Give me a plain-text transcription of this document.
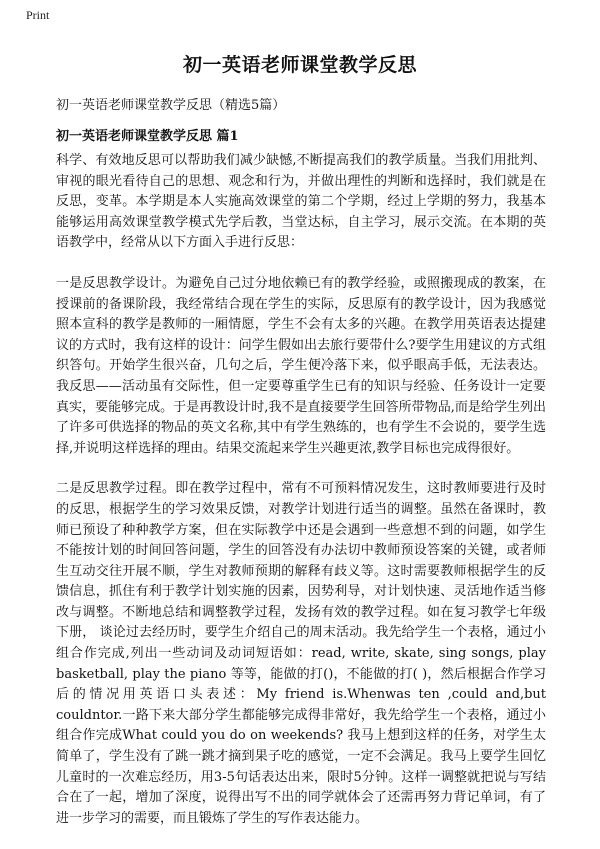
Print
初一英语老师课堂教学反思

初一英语老师课堂教学反思（精选5篇）

初一英语老师课堂教学反思 篇1

科学、有效地反思可以帮助我们减少缺憾,不断提高我们的教学质量。当我们用批判、审视的眼光看待自己的思想、观念和行为，并做出理性的判断和选择时，我们就是在反思，变革。本学期是本人实施高效课堂的第二个学期，经过上学期的努力，我基本能够运用高效课堂教学模式先学后教，当堂达标，自主学习，展示交流。在本期的英语教学中，经常从以下方面入手进行反思：

一是反思教学设计。为避免自己过分地依赖已有的教学经验，或照搬现成的教案，在授课前的备课阶段，我经常结合现在学生的实际，反思原有的教学设计，因为我感觉照本宣科的教学是教师的一厢情愿，学生不会有太多的兴趣。在教学用英语表达提建议的方式时，我有这样的设计：问学生假如出去旅行要带什么?要学生用建议的方式组织答句。开始学生很兴奋，几句之后，学生便冷落下来，似乎眼高手低，无法表达。我反思——活动虽有交际性，但一定要尊重学生已有的知识与经验、任务设计一定要真实，要能够完成。于是再教设计时,我不是直接要学生回答所带物品,而是给学生列出了许多可供选择的物品的英文名称,其中有学生熟练的，也有学生不会说的，要学生选择,并说明这样选择的理由。结果交流起来学生兴趣更浓,教学目标也完成得很好。

二是反思教学过程。即在教学过程中，常有不可预料情况发生，这时教师要进行及时的反思，根据学生的学习效果反馈，对教学计划进行适当的调整。虽然在备课时，教师已预设了种种教学方案，但在实际教学中还是会遇到一些意想不到的问题，如学生不能按计划的时间回答问题，学生的回答没有办法切中教师预设答案的关键，或者师生互动交往开展不顺，学生对教师预期的解释有歧义等。这时需要教师根据学生的反馈信息，抓住有利于教学计划实施的因素，因势利导，对计划快速、灵活地作适当修改与调整。不断地总结和调整教学过程，发扬有效的教学过程。如在复习教学七年级下册， 谈论过去经历时，要学生介绍自己的周末活动。我先给学生一个表格，通过小组合作完成,列出一些动词及动词短语如：read, write, skate, sing songs, play basketball, play the piano 等等，能做的打()，不能做的打( )，然后根据合作学习后的情况用英语口头表述：My friend is.Whenwas ten ,could and,but couldntor.一路下来大部分学生都能够完成得非常好，我先给学生一个表格，通过小组合作完成What could you do on weekends? 我马上想到这样的任务，对学生太简单了，学生没有了跳一跳才摘到果子吃的感觉，一定不会满足。我马上要学生回忆儿童时的一次难忘经历，用3-5句话表达出来，限时5分钟。这样一调整就把说与写结合在了一起，增加了深度，说得出写不出的同学就体会了还需再努力背记单词，有了进一步学习的需要，而且锻炼了学生的写作表达能力。
